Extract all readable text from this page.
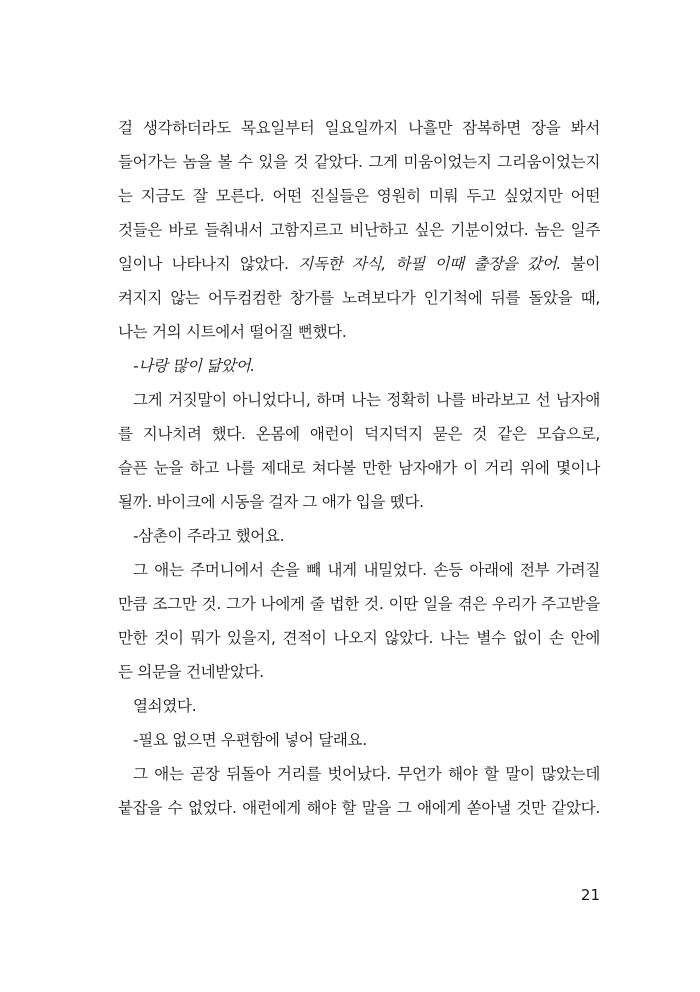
걸 생각하더라도 목요일부터 일요일까지 나흘만 잠복하면 장을 봐서
들어가는 놈을 볼 수 있을 것 같았다. 그게 미움이었는지 그리움이었는지
는 지금도 잘 모른다. 어떤 진실들은 영원히 미뤄 두고 싶었지만 어떤
것들은 바로 들춰내서 고함지르고 비난하고 싶은 기분이었다. 놈은 일주
일이나 나타나지 않았다. 지독한 자식, 하필 이때 출장을 갔어. 불이
켜지지 않는 어두컴컴한 창가를 노려보다가 인기척에 뒤를 돌았을 때,
나는 거의 시트에서 떨어질 뻔했다.
-나랑 많이 닮았어.
그게 거짓말이 아니었다니, 하며 나는 정확히 나를 바라보고 선 남자애
를 지나치려 했다. 온몸에 애런이 덕지덕지 묻은 것 같은 모습으로,
슬픈 눈을 하고 나를 제대로 쳐다볼 만한 남자애가 이 거리 위에 몇이나
될까. 바이크에 시동을 걸자 그 애가 입을 뗐다.
-삼촌이 주라고 했어요.
그 애는 주머니에서 손을 빼 내게 내밀었다. 손등 아래에 전부 가려질
만큼 조그만 것. 그가 나에게 줄 법한 것. 이딴 일을 겪은 우리가 주고받을
만한 것이 뭐가 있을지, 견적이 나오지 않았다. 나는 별수 없이 손 안에
든 의문을 건네받았다.
열쇠였다.
-필요 없으면 우편함에 넣어 달래요.
그 애는 곧장 뒤돌아 거리를 벗어났다. 무언가 해야 할 말이 많았는데
붙잡을 수 없었다. 애런에게 해야 할 말을 그 애에게 쏟아낼 것만 같았다.
21
